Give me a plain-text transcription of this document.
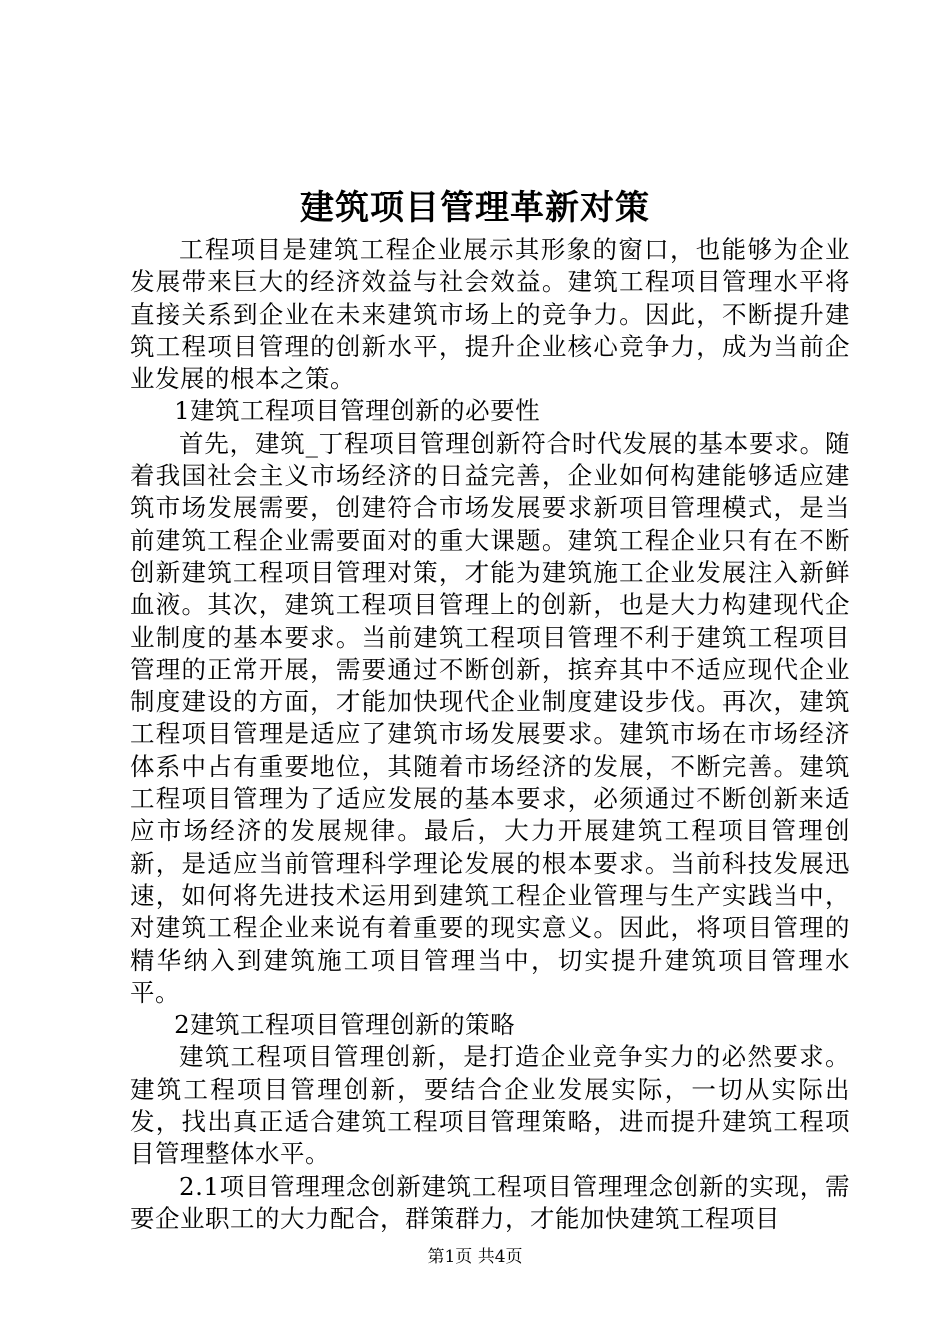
建筑项目管理革新对策

工程项目是建筑工程企业展示其形象的窗口，也能够为企业发展带来巨大的经济效益与社会效益。建筑工程项目管理水平将直接关系到企业在未来建筑市场上的竞争力。因此，不断提升建筑工程项目管理的创新水平，提升企业核心竞争力，成为当前企业发展的根本之策。

1建筑工程项目管理创新的必要性

首先，建筑_丁程项目管理创新符合时代发展的基本要求。随着我国社会主义市场经济的日益完善，企业如何构建能够适应建筑市场发展需要，创建符合市场发展要求新项目管理模式，是当前建筑工程企业需要面对的重大课题。建筑工程企业只有在不断创新建筑工程项目管理对策，才能为建筑施工企业发展注入新鲜血液。其次，建筑工程项目管理上的创新，也是大力构建现代企业制度的基本要求。当前建筑工程项目管理不利于建筑工程项目管理的正常开展，需要通过不断创新，摈弃其中不适应现代企业制度建设的方面，才能加快现代企业制度建设步伐。再次，建筑工程项目管理是适应了建筑市场发展要求。建筑市场在市场经济体系中占有重要地位，其随着市场经济的发展，不断完善。建筑工程项目管理为了适应发展的基本要求，必须通过不断创新来适应市场经济的发展规律。最后，大力开展建筑工程项目管理创新，是适应当前管理科学理论发展的根本要求。当前科技发展迅速，如何将先进技术运用到建筑工程企业管理与生产实践当中，对建筑工程企业来说有着重要的现实意义。因此，将项目管理的精华纳入到建筑施工项目管理当中，切实提升建筑项目管理水平。

2建筑工程项目管理创新的策略

建筑工程项目管理创新，是打造企业竞争实力的必然要求。建筑工程项目管理创新，要结合企业发展实际，一切从实际出发，找出真正适合建筑工程项目管理策略，进而提升建筑工程项目管理整体水平。

2.1项目管理理念创新建筑工程项目管理理念创新的实现，需要企业职工的大力配合，群策群力，才能加快建筑工程项目

第1页 共4页
